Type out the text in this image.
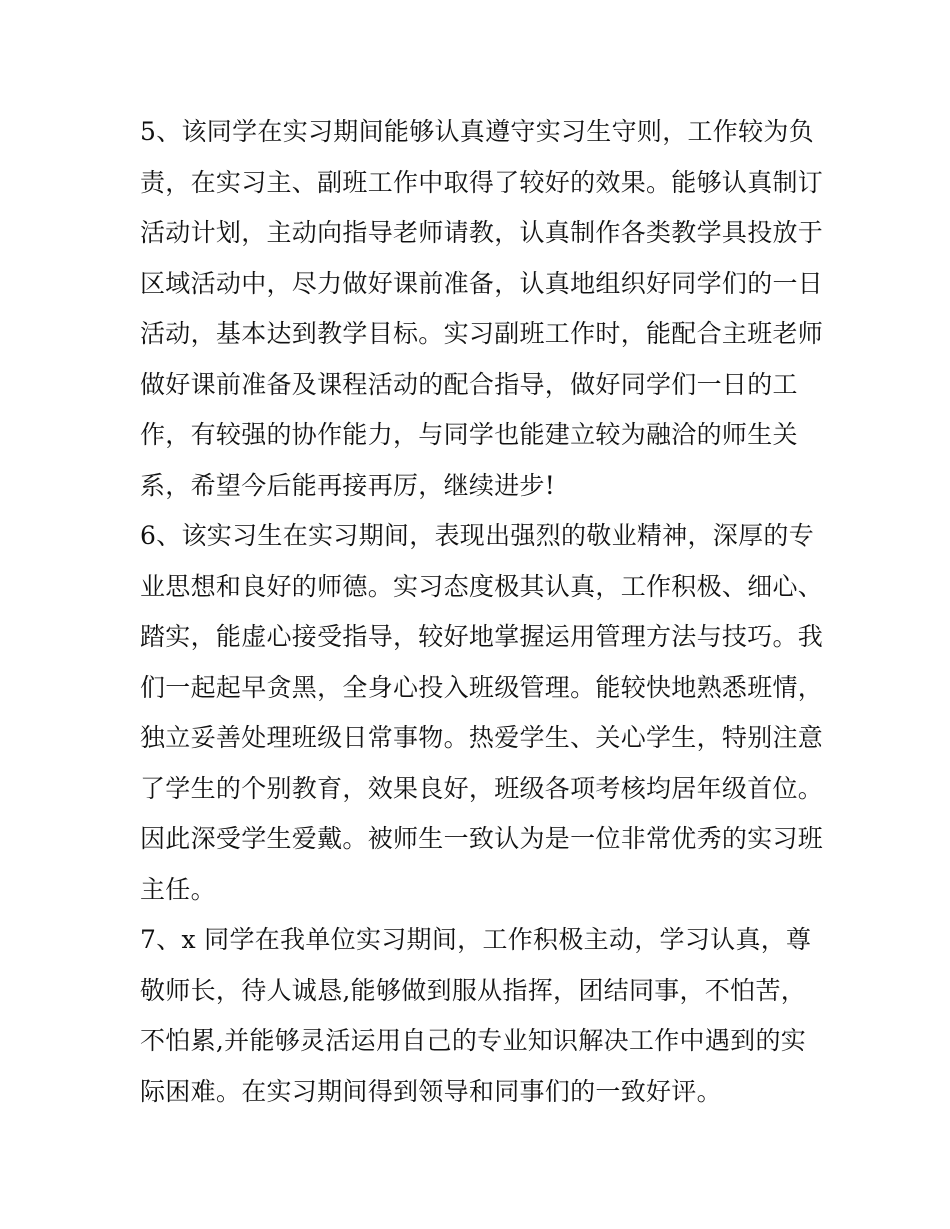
5、该同学在实习期间能够认真遵守实习生守则，工作较为负
责，在实习主、副班工作中取得了较好的效果。能够认真制订
活动计划，主动向指导老师请教，认真制作各类教学具投放于
区域活动中，尽力做好课前准备，认真地组织好同学们的一日
活动，基本达到教学目标。实习副班工作时，能配合主班老师
做好课前准备及课程活动的配合指导，做好同学们一日的工
作，有较强的协作能力，与同学也能建立较为融洽的师生关
系，希望今后能再接再厉，继续进步!
6、该实习生在实习期间，表现出强烈的敬业精神，深厚的专
业思想和良好的师德。实习态度极其认真，工作积极、细心、
踏实，能虚心接受指导，较好地掌握运用管理方法与技巧。我
们一起起早贪黑，全身心投入班级管理。能较快地熟悉班情，
独立妥善处理班级日常事物。热爱学生、关心学生，特别注意
了学生的个别教育，效果良好，班级各项考核均居年级首位。
因此深受学生爱戴。被师生一致认为是一位非常优秀的实习班
主任。
7、x 同学在我单位实习期间，工作积极主动，学习认真，尊
敬师长，待人诚恳,能够做到服从指挥，团结同事，不怕苦，
不怕累,并能够灵活运用自己的专业知识解决工作中遇到的实
际困难。在实习期间得到领导和同事们的一致好评。
